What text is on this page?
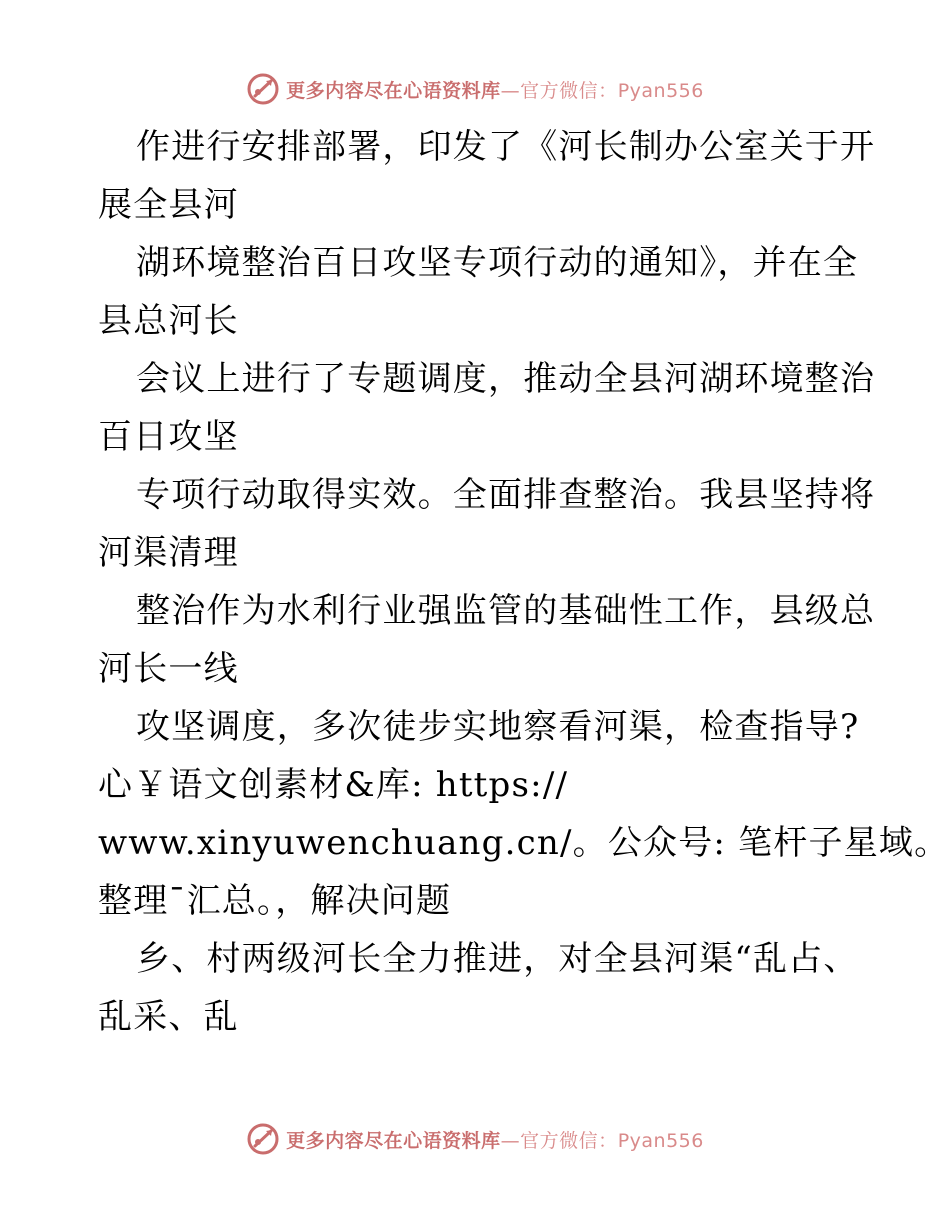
更多内容尽在心语资料库—官方微信：Pyan556

作进行安排部署，印发了《河长制办公室关于开

展全县河

湖环境整治百日攻坚专项行动的通知》，并在全

县总河长

会议上进行了专题调度，推动全县河湖环境整治

百日攻坚

专项行动取得实效。全面排查整治。我县坚持将

河渠清理

整治作为水利行业强监管的基础性工作，县级总

河长一线

攻坚调度，多次徒步实地察看河渠，检查指导?

心￥语文创素材&库: https://

www.xinyuwenchuang.cn/。公众号: 笔杆子星域。

整理¯汇总。，解决问题

乡、村两级河长全力推进，对全县河渠“乱占、

乱采、乱

更多内容尽在心语资料库—官方微信：Pyan556
